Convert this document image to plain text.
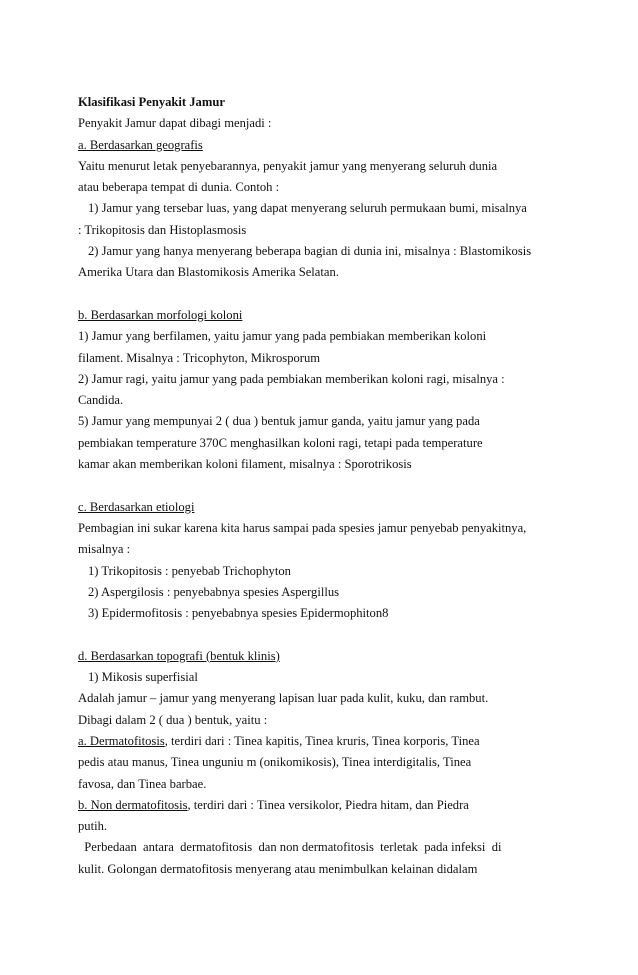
Klasifikasi Penyakit Jamur
Penyakit Jamur dapat dibagi menjadi :
a. Berdasarkan geografis
Yaitu menurut letak penyebarannya, penyakit jamur yang menyerang seluruh dunia
atau beberapa tempat di dunia. Contoh :
1) Jamur yang tersebar luas, yang dapat menyerang seluruh permukaan bumi, misalnya
: Trikopitosis dan Histoplasmosis
2) Jamur yang hanya menyerang beberapa bagian di dunia ini, misalnya : Blastomikosis
Amerika Utara dan Blastomikosis Amerika Selatan.
b. Berdasarkan morfologi koloni
1) Jamur yang berfilamen, yaitu jamur yang pada pembiakan memberikan koloni
filament. Misalnya : Tricophyton, Mikrosporum
2) Jamur ragi, yaitu jamur yang pada pembiakan memberikan koloni ragi, misalnya :
Candida.
5) Jamur yang mempunyai 2 ( dua ) bentuk jamur ganda, yaitu jamur yang pada
pembiakan temperature 370C menghasilkan koloni ragi, tetapi pada temperature
kamar akan memberikan koloni filament, misalnya : Sporotrikosis
c. Berdasarkan etiologi
Pembagian ini sukar karena kita harus sampai pada spesies jamur penyebab penyakitnya,
misalnya :
1) Trikopitosis : penyebab Trichophyton
2) Aspergilosis : penyebabnya spesies Aspergillus
3) Epidermofitosis : penyebabnya spesies Epidermophiton8
d. Berdasarkan topografi (bentuk klinis)
1) Mikosis superfisial
Adalah jamur – jamur yang menyerang lapisan luar pada kulit, kuku, dan rambut.
Dibagi dalam 2 ( dua ) bentuk, yaitu :
a. Dermatofitosis, terdiri dari : Tinea kapitis, Tinea kruris, Tinea korporis, Tinea
pedis atau manus, Tinea unguniu m (onikomikosis), Tinea interdigitalis, Tinea
favosa, dan Tinea barbae.
b. Non dermatofitosis, terdiri dari : Tinea versikolor, Piedra hitam, dan Piedra
putih.
Perbedaan  antara  dermatofitosis  dan non dermatofitosis  terletak  pada infeksi  di
kulit. Golongan dermatofitosis menyerang atau menimbulkan kelainan didalam
